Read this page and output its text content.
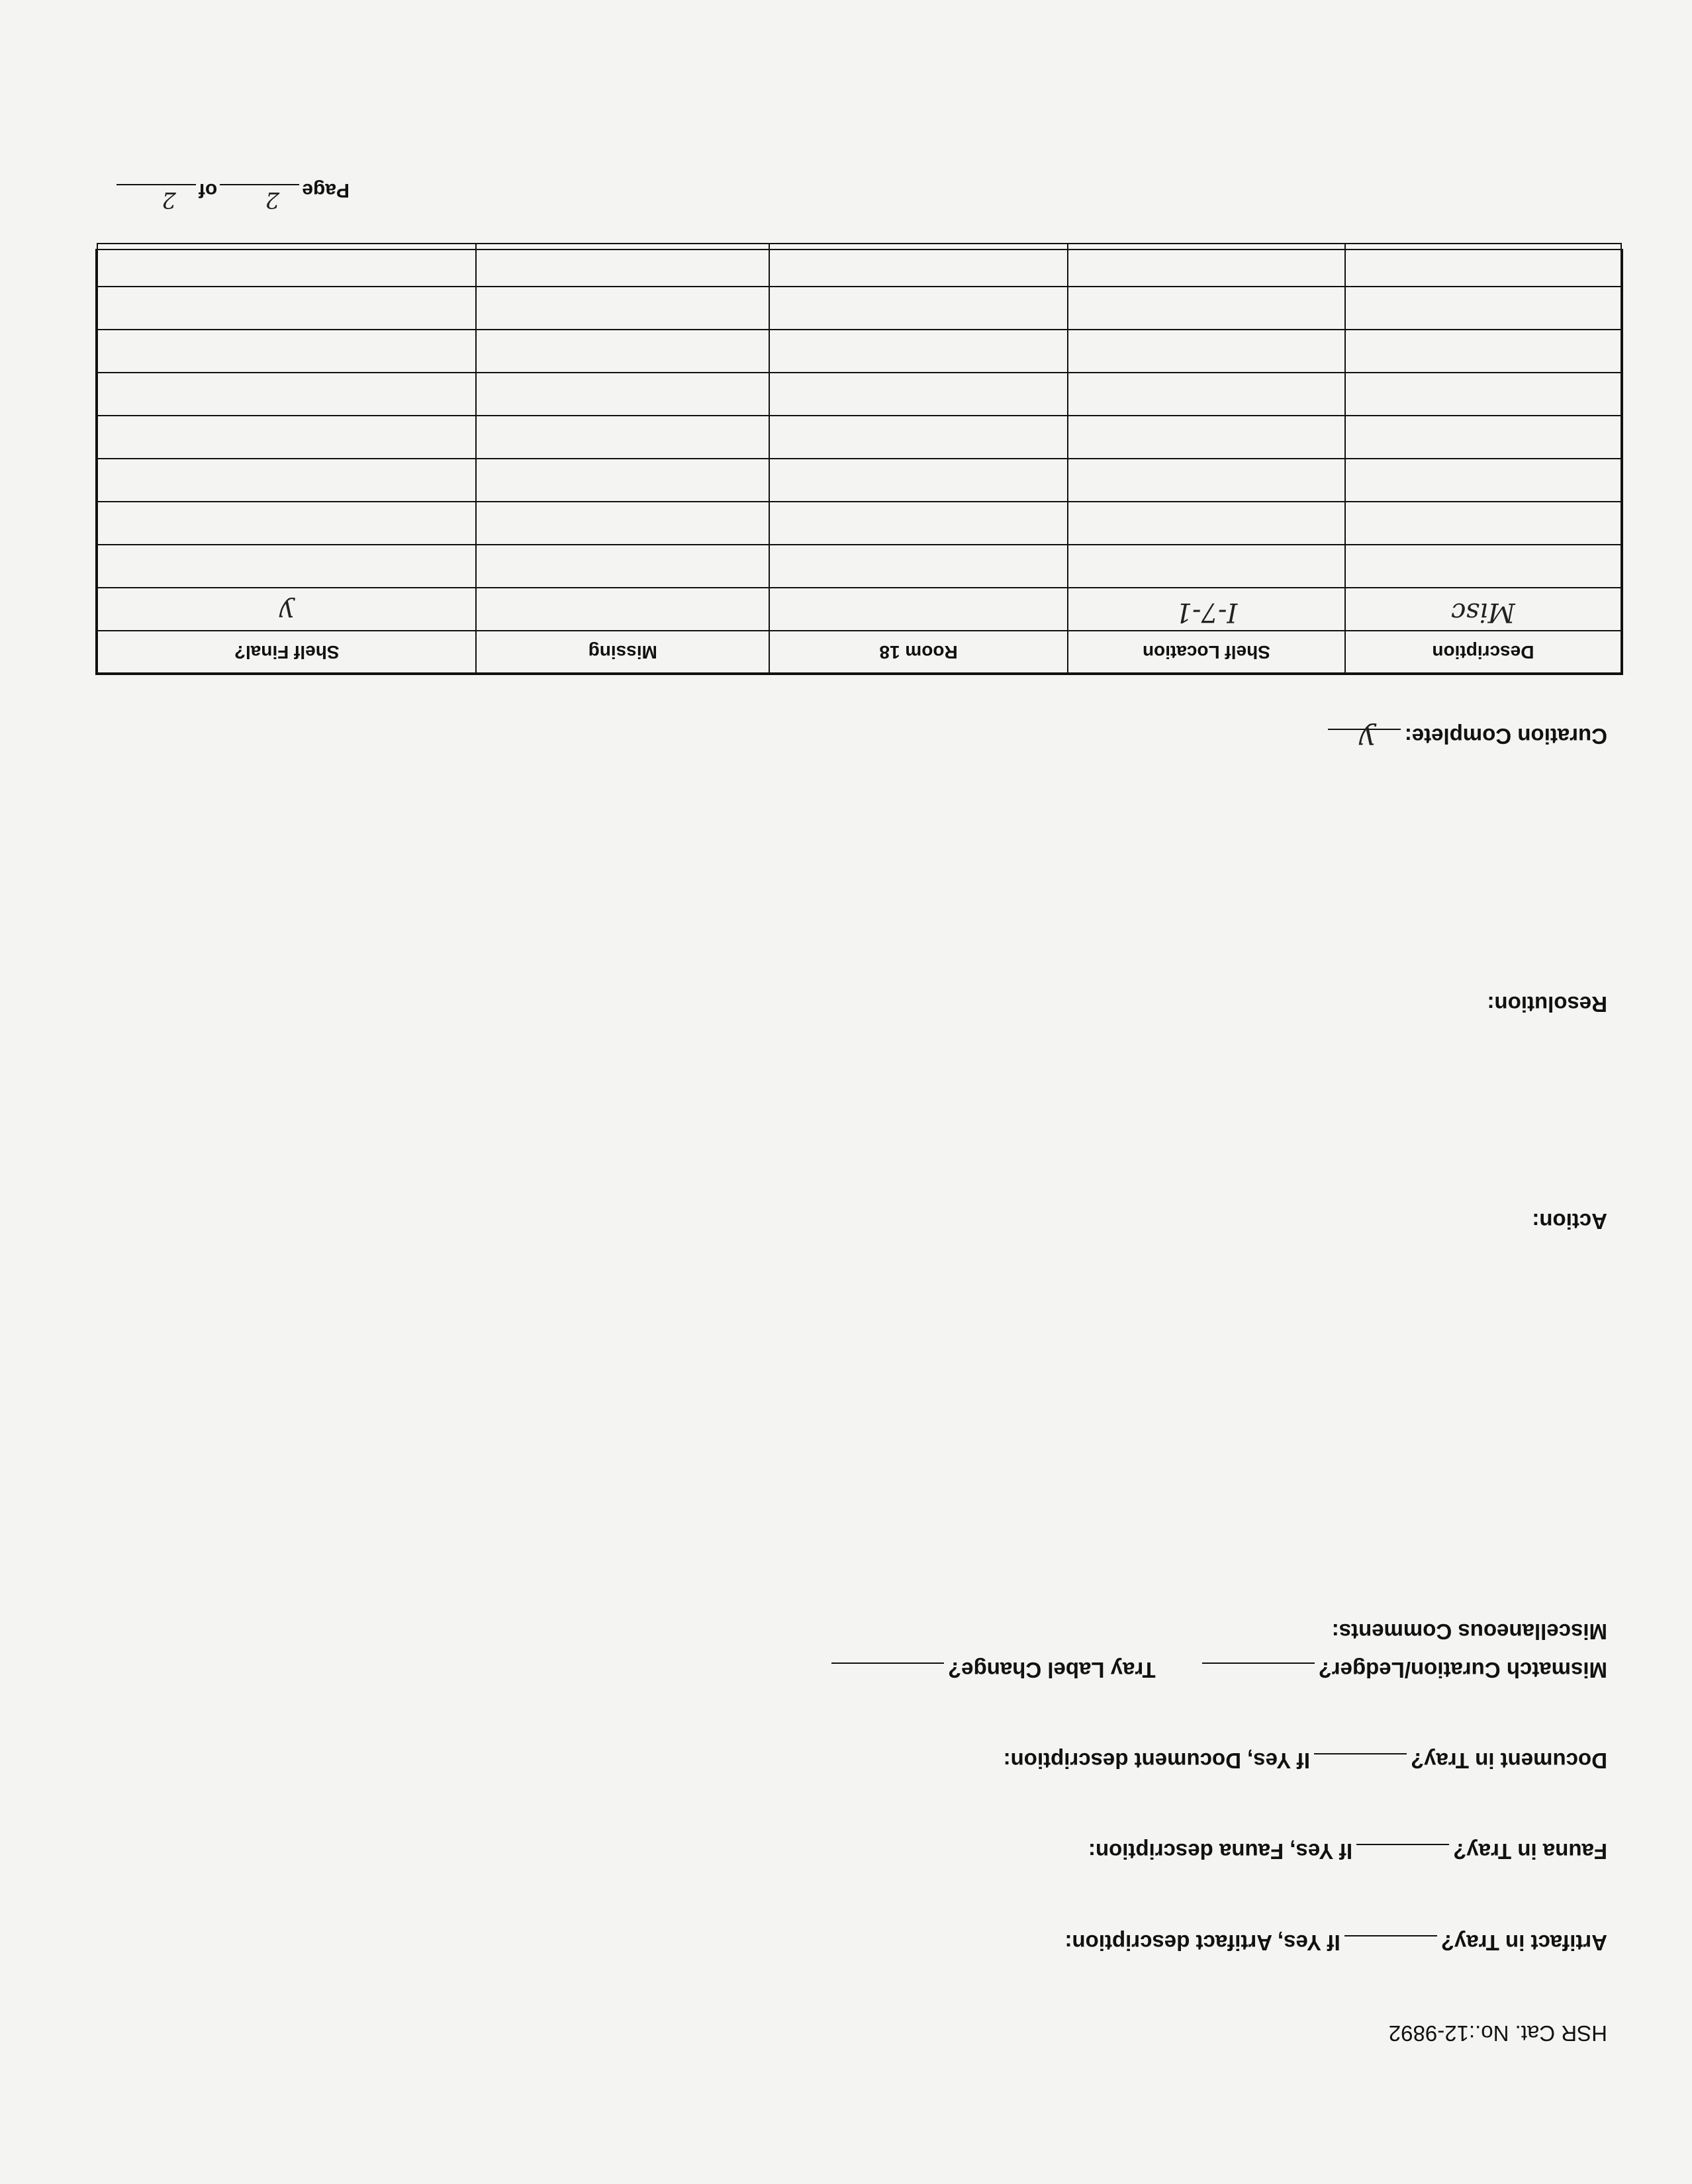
HSR Cat. No.:12-9892
Artifact in Tray?If Yes, Artifact description:
Fauna in Tray?If Yes, Fauna description:
Document in Tray?If Yes, Document description:
Mismatch Curation/Ledger?Tray Label Change?
Miscellaneous Comments:
Action:
Resolution:
Curation Complete:
y
Description	Shelf Location	Room 18	Missing	Shelf Final?

Misc	I-7-1			y

Page
2
of
2
